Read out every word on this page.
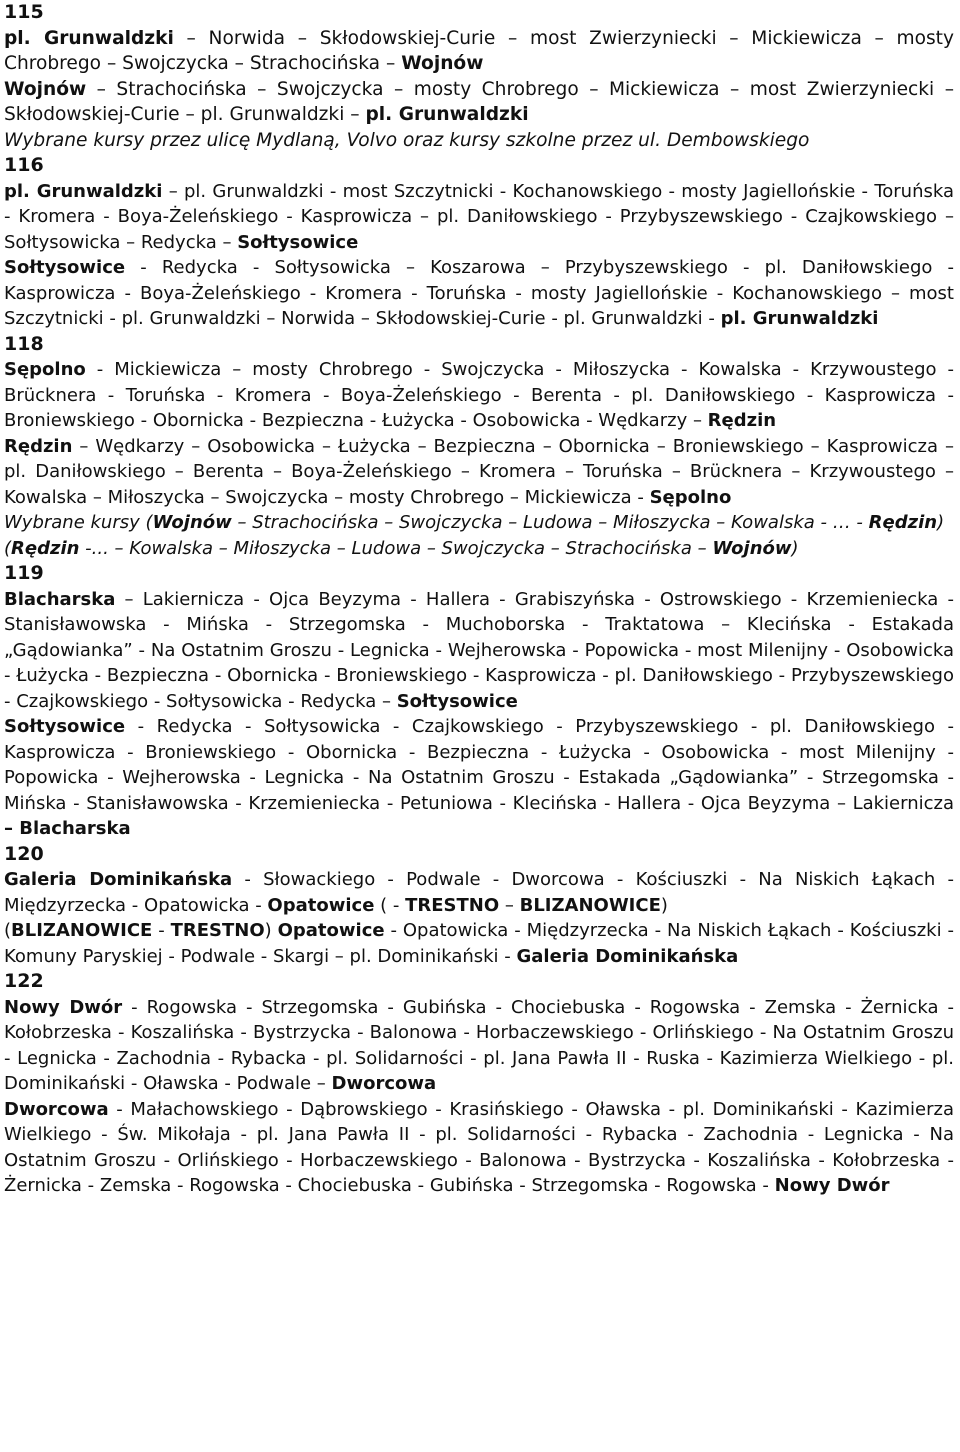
115

pl. Grunwaldzki – Norwida – Skłodowskiej-Curie – most Zwierzyniecki – Mickiewicza – mosty Chrobrego – Swojczycka – Strachocińska – Wojnów

Wojnów – Strachocińska – Swojczycka – mosty Chrobrego – Mickiewicza – most Zwierzyniecki – Skłodowskiej-Curie – pl. Grunwaldzki – pl. Grunwaldzki

Wybrane kursy przez ulicę Mydlaną, Volvo oraz kursy szkolne przez ul. Dembowskiego

116

pl. Grunwaldzki – pl. Grunwaldzki - most Szczytnicki - Kochanowskiego - mosty Jagiellońskie - Toruńska - Kromera - Boya-Żeleńskiego - Kasprowicza – pl. Daniłowskiego - Przybyszewskiego - Czajkowskiego – Sołtysowicka – Redycka – Sołtysowice

Sołtysowice - Redycka - Sołtysowicka – Koszarowa – Przybyszewskiego - pl. Daniłowskiego - Kasprowicza - Boya-Żeleńskiego - Kromera - Toruńska - mosty Jagiellońskie - Kochanowskiego – most Szczytnicki - pl. Grunwaldzki – Norwida – Skłodowskiej-Curie - pl. Grunwaldzki - pl. Grunwaldzki

118

Sępolno - Mickiewicza – mosty Chrobrego - Swojczycka - Miłoszycka - Kowalska - Krzywoustego - Brücknera - Toruńska - Kromera - Boya-Żeleńskiego - Berenta - pl. Daniłowskiego - Kasprowicza - Broniewskiego - Obornicka - Bezpieczna - Łużycka - Osobowicka - Wędkarzy – Rędzin

Rędzin – Wędkarzy – Osobowicka – Łużycka – Bezpieczna – Obornicka – Broniewskiego – Kasprowicza – pl. Daniłowskiego – Berenta – Boya-Żeleńskiego – Kromera – Toruńska – Brücknera – Krzywoustego – Kowalska – Miłoszycka – Swojczycka – mosty Chrobrego – Mickiewicza - Sępolno

Wybrane kursy (Wojnów – Strachocińska – Swojczycka – Ludowa – Miłoszycka – Kowalska - … - Rędzin)

(Rędzin -... – Kowalska – Miłoszycka – Ludowa – Swojczycka – Strachocińska – Wojnów)

119

Blacharska – Lakiernicza - Ojca Beyzyma - Hallera - Grabiszyńska - Ostrowskiego - Krzemieniecka - Stanisławowska - Mińska - Strzegomska - Muchoborska - Traktatowa – Klecińska - Estakada „Gądowianka” - Na Ostatnim Groszu - Legnicka - Wejherowska - Popowicka - most Milenijny - Osobowicka - Łużycka - Bezpieczna - Obornicka - Broniewskiego - Kasprowicza - pl. Daniłowskiego - Przybyszewskiego - Czajkowskiego - Sołtysowicka - Redycka – Sołtysowice

Sołtysowice - Redycka - Sołtysowicka - Czajkowskiego - Przybyszewskiego - pl. Daniłowskiego - Kasprowicza - Broniewskiego - Obornicka - Bezpieczna - Łużycka - Osobowicka - most Milenijny - Popowicka - Wejherowska - Legnicka - Na Ostatnim Groszu - Estakada „Gądowianka” - Strzegomska - Mińska - Stanisławowska - Krzemieniecka - Petuniowa - Klecińska - Hallera - Ojca Beyzyma – Lakiernicza – Blacharska

120

Galeria Dominikańska - Słowackiego - Podwale - Dworcowa - Kościuszki - Na Niskich Łąkach - Międzyrzecka - Opatowicka - Opatowice ( - TRESTNO – BLIZANOWICE)

(BLIZANOWICE - TRESTNO) Opatowice - Opatowicka - Międzyrzecka - Na Niskich Łąkach - Kościuszki - Komuny Paryskiej - Podwale - Skargi – pl. Dominikański - Galeria Dominikańska

122

Nowy Dwór - Rogowska - Strzegomska - Gubińska - Chociebuska - Rogowska - Zemska - Żernicka - Kołobrzeska - Koszalińska - Bystrzycka - Balonowa - Horbaczewskiego - Orlińskiego - Na Ostatnim Groszu - Legnicka - Zachodnia - Rybacka - pl. Solidarności - pl. Jana Pawła II - Ruska - Kazimierza Wielkiego - pl. Dominikański - Oławska - Podwale – Dworcowa

Dworcowa - Małachowskiego - Dąbrowskiego - Krasińskiego - Oławska - pl. Dominikański - Kazimierza Wielkiego - Św. Mikołaja - pl. Jana Pawła II - pl. Solidarności - Rybacka - Zachodnia - Legnicka - Na Ostatnim Groszu - Orlińskiego - Horbaczewskiego - Balonowa - Bystrzycka - Koszalińska - Kołobrzeska - Żernicka - Zemska - Rogowska - Chociebuska - Gubińska - Strzegomska - Rogowska - Nowy Dwór
